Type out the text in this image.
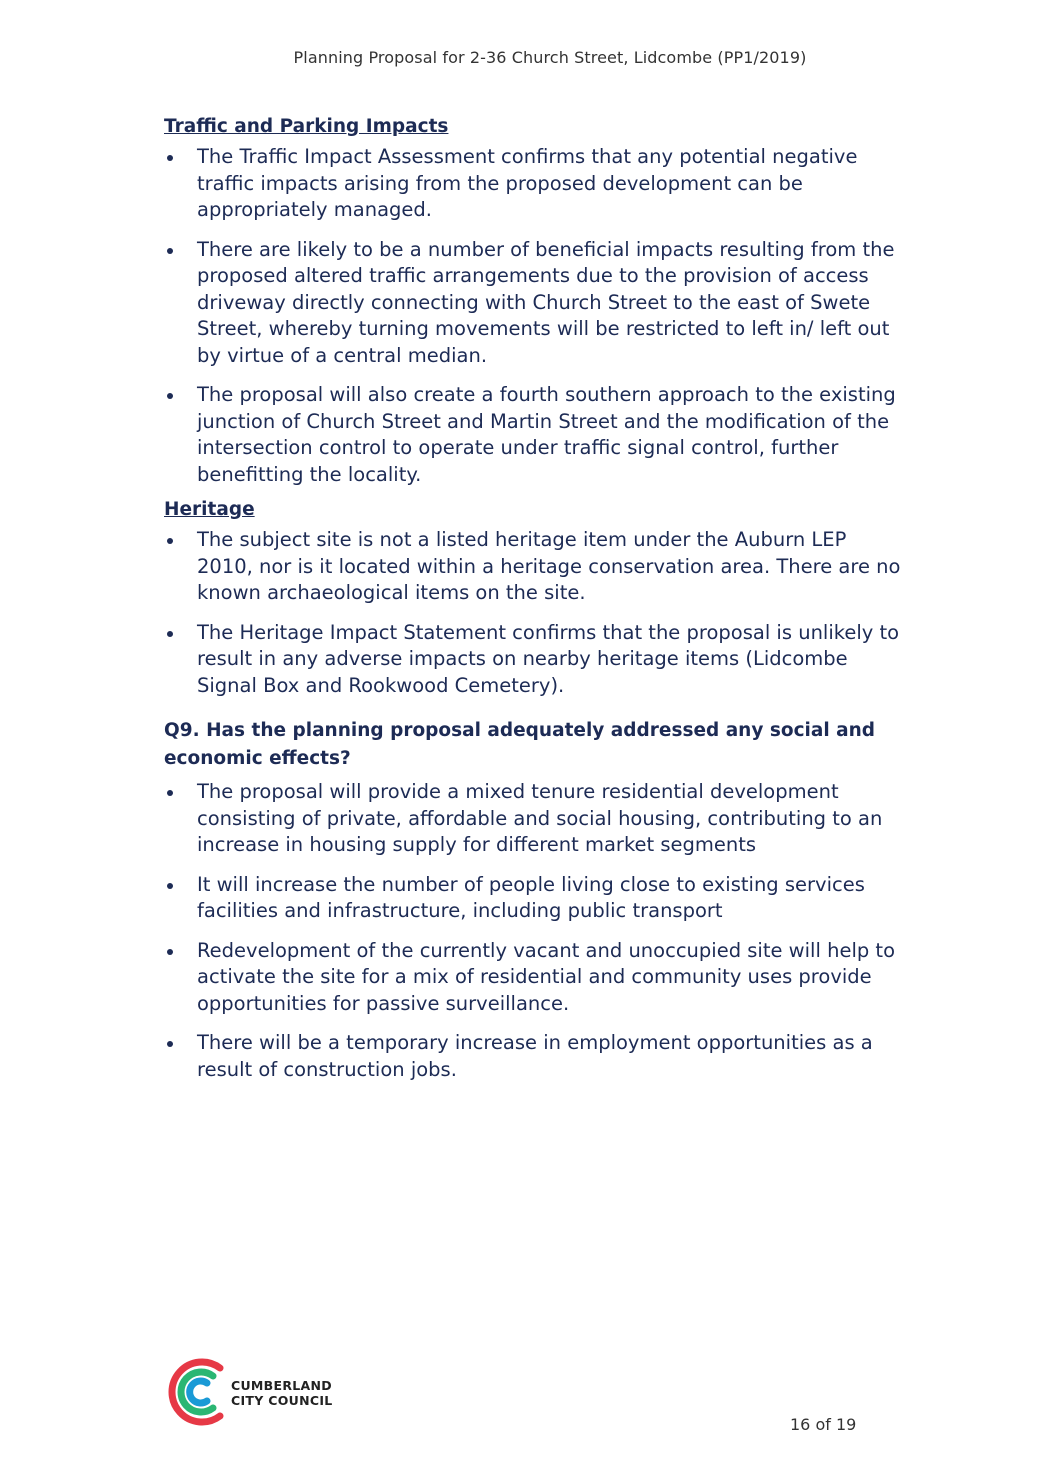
Planning Proposal for 2-36 Church Street, Lidcombe (PP1/2019)
Traffic and Parking Impacts
The Traffic Impact Assessment confirms that any potential negative traffic impacts arising from the proposed development can be appropriately managed.
There are likely to be a number of beneficial impacts resulting from the proposed altered traffic arrangements due to the provision of access driveway directly connecting with Church Street to the east of Swete Street, whereby turning movements will be restricted to left in/ left out by virtue of a central median.
The proposal will also create a fourth southern approach to the existing junction of Church Street and Martin Street and the modification of the intersection control to operate under traffic signal control, further benefitting the locality.
Heritage
The subject site is not a listed heritage item under the Auburn LEP 2010, nor is it located within a heritage conservation area. There are no known archaeological items on the site.
The Heritage Impact Statement confirms that the proposal is unlikely to result in any adverse impacts on nearby heritage items (Lidcombe Signal Box and Rookwood Cemetery).
Q9. Has the planning proposal adequately addressed any social and economic effects?
The proposal will provide a mixed tenure residential development consisting of private, affordable and social housing, contributing to an increase in housing supply for different market segments
It will increase the number of people living close to existing services facilities and infrastructure, including public transport
Redevelopment of the currently vacant and unoccupied site will help to activate the site for a mix of residential and community uses provide opportunities for passive surveillance.
There will be a temporary increase in employment opportunities as a result of construction jobs.
CUMBERLAND
CITY COUNCIL
16 of 19
